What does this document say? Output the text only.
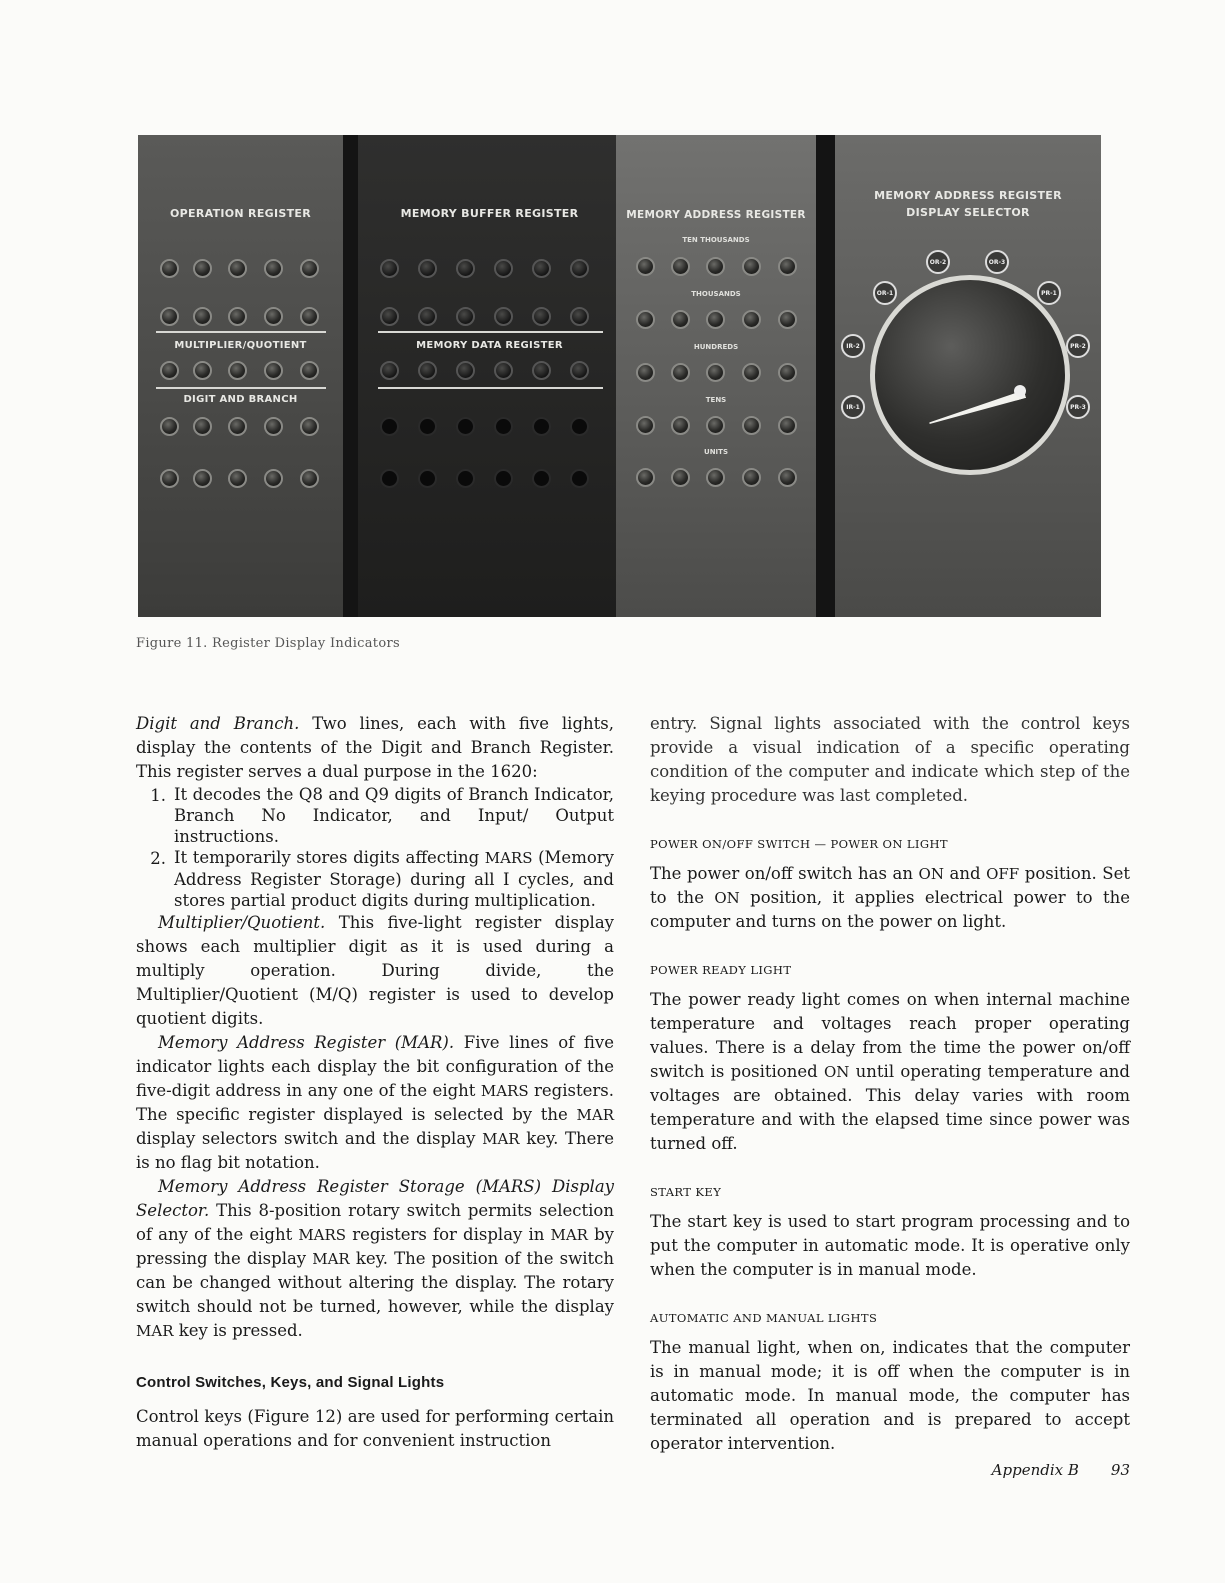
OPERATION REGISTER
MULTIPLIER/QUOTIENT
DIGIT AND BRANCH
MEMORY BUFFER REGISTER
MEMORY DATA REGISTER
MEMORY ADDRESS REGISTER
TEN THOUSANDS
THOUSANDS
HUNDREDS
TENS
UNITS
MEMORY ADDRESS REGISTER
DISPLAY SELECTOR
OR-2	OR-3
OR-1	PR-1
IR-2	PR-2
IR-1	PR-3
Figure 11. Register Display Indicators

Digit and Branch. Two lines, each with five lights, display the contents of the Digit and Branch Register. This register serves a dual purpose in the 1620:

1. It decodes the Q8 and Q9 digits of Branch Indicator, Branch No Indicator, and Input/ Output instructions.
2. It temporarily stores digits affecting MARS (Memory Address Register Storage) during all I cycles, and stores partial product digits during multiplication.

Multiplier/Quotient. This five-light register display shows each multiplier digit as it is used during a multiply operation. During divide, the Multiplier/Quotient (M/Q) register is used to develop quotient digits.

Memory Address Register (MAR). Five lines of five indicator lights each display the bit configuration of the five-digit address in any one of the eight MARS registers. The specific register displayed is selected by the MAR display selectors switch and the display MAR key. There is no flag bit notation.

Memory Address Register Storage (MARS) Display Selector. This 8-position rotary switch permits selection of any of the eight MARS registers for display in MAR by pressing the display MAR key. The position of the switch can be changed without altering the display. The rotary switch should not be turned, however, while the display MAR key is pressed.

Control Switches, Keys, and Signal Lights

Control keys (Figure 12) are used for performing certain manual operations and for convenient instruction

entry. Signal lights associated with the control keys provide a visual indication of a specific operating condition of the computer and indicate which step of the keying procedure was last completed.

POWER ON/OFF SWITCH — POWER ON LIGHT

The power on/off switch has an ON and OFF position. Set to the ON position, it applies electrical power to the computer and turns on the power on light.

POWER READY LIGHT

The power ready light comes on when internal machine temperature and voltages reach proper operating values. There is a delay from the time the power on/off switch is positioned ON until operating temperature and voltages are obtained. This delay varies with room temperature and with the elapsed time since power was turned off.

START KEY

The start key is used to start program processing and to put the computer in automatic mode. It is operative only when the computer is in manual mode.

AUTOMATIC AND MANUAL LIGHTS

The manual light, when on, indicates that the computer is in manual mode; it is off when the computer is in automatic mode. In manual mode, the computer has terminated all operation and is prepared to accept operator intervention.

Appendix B 93
